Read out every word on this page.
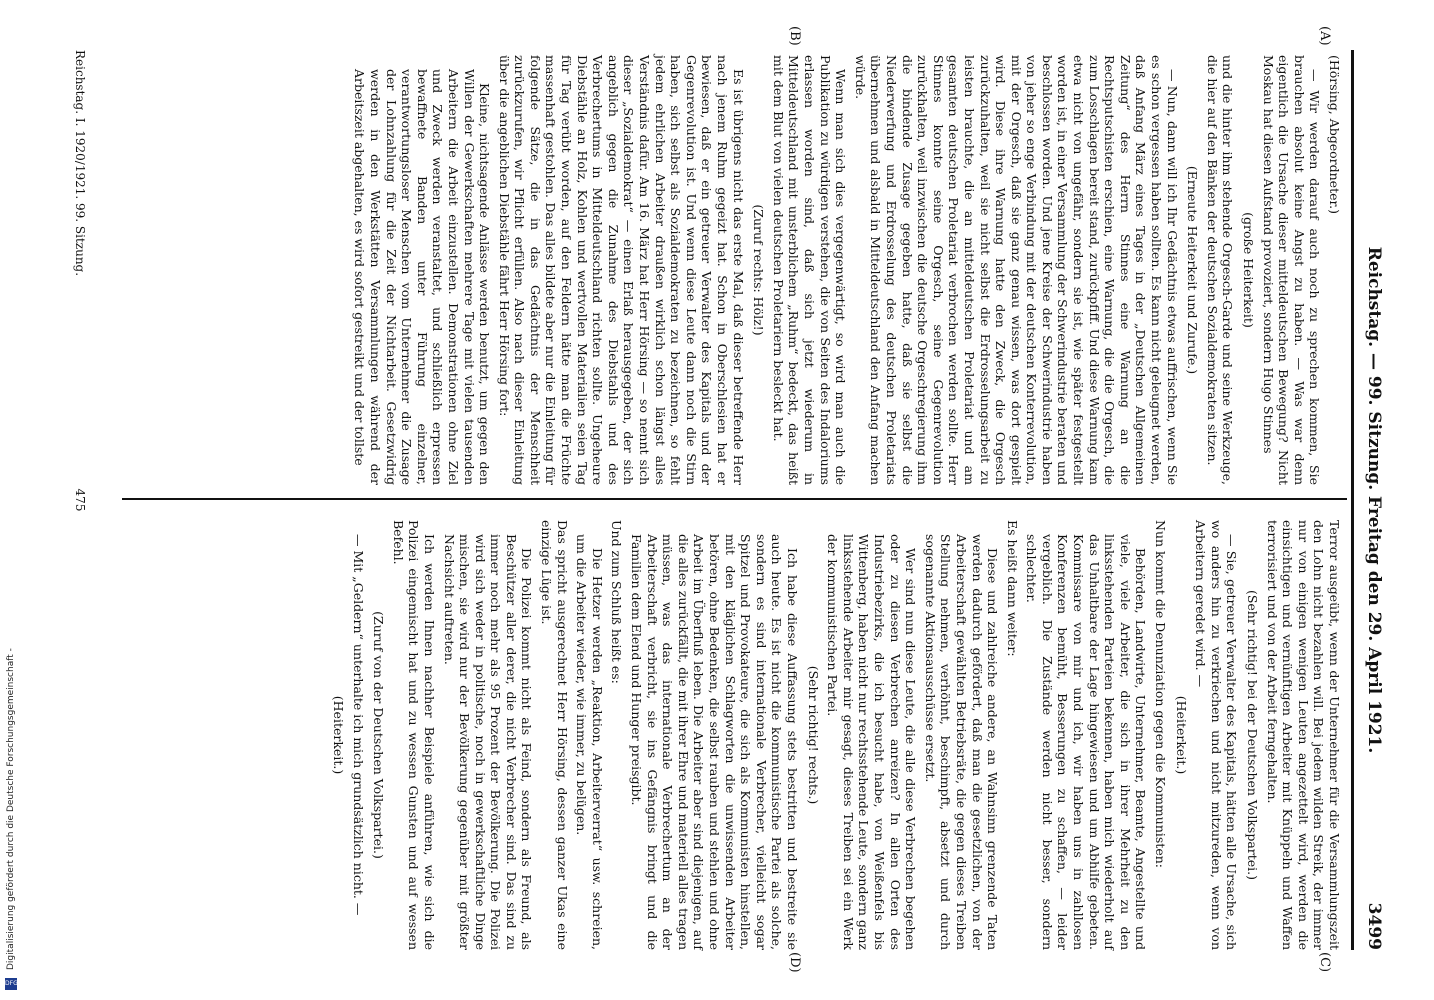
Reichstag. — 99. Sitzung. Freitag den 29. April 1921.
3499
(A)
(B)
(C)
(D)

(Hörsing, Abgeordneter.)

— Wir werden darauf auch noch zu sprechen kommen, Sie brauchen absolut keine Angst zu haben. — Was war denn eigentlich die Ursache dieser mitteldeutschen Bewegung? Nicht Moskau hat diesen Aufstand provoziert, sondern Hugo Stinnes

(große Heiterkeit)

und die hinter ihm stehende Orgesch-Garde und seine Werkzeuge, die hier auf den Bänken der deutschen Sozialdemokraten sitzen.

(Erneute Heiterkeit und Zurufe.)

— Nun, dann will ich Ihr Gedächtnis etwas auffrischen, wenn Sie es schon vergessen haben sollten. Es kann nicht geleugnet werden, daß Anfang März eines Tages in der „Deutschen Allgemeinen Zeitung“ des Herrn Stinnes eine Warnung an die Rechtsputschisten erschien, eine Warnung, die die Orgesch, die zum Losschlagen bereit stand, zurückpfiff. Und diese Warnung kam etwa nicht von ungefähr, sondern sie ist, wie später festgestellt worden ist, in einer Versammlung der Schwerindustrie beraten und beschlossen worden. Und jene Kreise der Schwerindustrie haben von jeher so enge Verbindung mit der deutschen Konterrevolution, mit der Orgesch, daß sie ganz genau wissen, was dort gespielt wird. Diese ihre Warnung hatte den Zweck, die Orgesch zurückzuhalten, weil sie nicht selbst die Erdrosselungsarbeit zu leisten brauchte, die an mitteldeutschen Proletariat und am gesamten deutschen Proletariat verbrochen werden sollte. Herr Stinnes konnte seine Orgesch, seine Gegenrevolution zurückhalten, weil inzwischen die deutsche Orgeschregierung ihm die bindende Zusage gegeben hatte, daß sie selbst die Niederwerfung und Erdrosselung des deutschen Proletariats übernehmen und alsbald in Mitteldeutschland den Anfang machen würde.

Wenn man sich dies vergegenwärtigt, so wird man auch die Publikation zu würdigen verstehen, die von Seiten des Indaloriums erlassen worden sind, daß sich jetzt wiederum in Mitteldeutschland mit unsterblichem „Ruhm“ bedeckt, das heißt mit dem Blut von vielen deutschen Proletariern besleckt hat.

(Zuruf rechts: Hölz!)

Es ist übrigens nicht das erste Mal, daß dieser betreffende Herr nach jenem Ruhm gegeizt hat. Schon in Oberschlesien hat er bewiesen, daß er ein getreuer Verwalter des Kapitals und der Gegenrevolution ist. Und wenn diese Leute dann noch die Stirn haben, sich selbst als Sozialdemokraten zu bezeichnen, so fehlt jedem ehrlichen Arbeiter draußen wirklich schon längst alles Verständnis dafür. Am 16. März hat Herr Hörsing — so nennt sich dieser „Sozialdemokrat“ — einen Erlaß herausgegeben, der sich angeblich gegen die Zunahme des Diebstahls und des Verbrechertums in Mitteldeutschland richten sollte. Ungeheure Diebstähle an Holz, Kohlen und wertvollen Materialien seien Tag für Tag verübt worden, auf den Feldern hätte man die Früchte massenhaft gestohlen. Das alles bildete aber nur die Einleitung für folgende Sätze, die in das Gedächtnis der Menschheit zurückzurufen, wir Pflicht erfüllen. Also nach dieser Einleitung über die angeblichen Diebstähle fährt Herr Hörsing fort:

Kleine, nichtsagende Anlässe werden benutzt, um gegen den Willen der Gewerkschaften mehrere Tage mit vielen tausenden Arbeitern die Arbeit einzustellen. Demonstrationen ohne Ziel und Zweck werden veranstaltet, und schließlich erpressen bewaffnete Banden unter Führung einzelner, verantwortungsloser Menschen vom Unternehmer die Zusage der Lohnzahlung für die Zeit der Nichtarbeit. Gesetzwidrig werden in den Werkstätten Versammlungen während der Arbeitszeit abgehalten, es wird sofort gestreikt und der tollste

Terror ausgeübt, wenn der Unternehmer für die Versammlungszeit den Lohn nicht bezahlen will. Bei jedem wilden Streik, der immer nur von einigen wenigen Leuten angezettelt wird, werden die einsichtigen und vernünftigen Arbeiter mit Knüppeln und Waffen terrorisiert und von der Arbeit ferngehalten.

(Sehr richtig! bei der Deutschen Volkspartei.)

— Sie, getreuer Verwalter des Kapitals, hätten alle Ursache, sich wo anders hin zu verkriechen und nicht mitzureden, wenn von Arbeitern geredet wird. —

(Heiterkeit.)

Nun kommt die Denunziation gegen die Kommunisten:

Behörden, Landwirte, Unternehmer, Beamte, Angestellte und viele, viele Arbeiter, die sich in ihrer Mehrheit zu den linksstehenden Parteien bekennen, haben mich wiederholt auf das Unhaltbare der Lage hingewiesen und um Abhilfe gebeten. Kommissare von mir und ich, wir haben uns in zahllosen Konferenzen bemüht, Besserungen zu schaffen, — leider vergeblich. Die Zustände werden nicht besser, sondern schlechter.

Es heißt dann weiter:

Diese und zahlreiche andere, an Wahnsinn grenzende Taten werden dadurch gefördert, daß man die gesetzlichen, von der Arbeiterschaft gewählten Betriebsräte, die gegen dieses Treiben Stellung nehmen, verhöhnt, beschimpft, absetzt und durch sogenannte Aktionsausschüsse ersetzt.

Wer sind nun diese Leute, die alle diese Verbrechen begehen oder zu diesen Verbrechen anreizen? In allen Orten des Industriebezirks, die ich besucht habe, von Weißenfels bis Wittenberg, haben nicht nur rechtsstehende Leute, sondern ganz linksstehende Arbeiter mir gesagt, dieses Treiben sei ein Werk der kommunistischen Partei.

(Sehr richtig! rechts.)

Ich habe diese Auffassung stets bestritten und bestreite sie auch heute. Es ist nicht die kommunistische Partei als solche, sondern es sind internationale Verbrecher, vielleicht sogar Spitzel und Provokateure, die sich als Kommunisten hinstellen, mit den kläglichen Schlagworten die unwissenden Arbeiter betören, ohne Bedenken, die selbst rauben und stehlen und ohne Arbeit im Überfluß leben. Die Arbeiter aber sind diejenigen, auf die alles zurückfällt, die mit ihrer Ehre und materiell alles tragen müssen, was das internationale Verbrechertum an der Arbeiterschaft verbricht, sie ins Gefängnis bringt und die Familien dem Elend und Hunger preisgibt.

Und zum Schluß heißt es:

Die Hetzer werden „Reaktion, Arbeiterverrat“ usw. schreien, um die Arbeiter wieder, wie immer, zu belügen.

Das spricht ausgerechnet Herr Hörsing, dessen ganzer Ukas eine einzige Lüge ist.

Die Polizei kommt nicht als Feind, sondern als Freund, als Beschützer aller derer, die nicht Verbrecher sind. Das sind zu immer noch mehr als 95 Prozent der Bevölkerung. Die Polizei wird sich weder in politische, noch in gewerkschaftliche Dinge mischen, sie wird nur der Bevölkerung gegenüber mit größter Nachsicht auftreten.

Ich werden Ihnen nachher Beispiele anführen, wie sich die Polizei eingemischt hat und zu wessen Gunsten und auf wessen Befehl.

(Zuruf von der Deutschen Volkspartei.)

— Mit „Geldern“ unterhalte ich mich grundsätzlich nicht. —

(Heiterkeit.)

Reichstag. I. 1920/1921. 99. Sitzung.
475
Digitalisierung gefördert durch die Deutsche Forschungsgemeinschaft -
DFG
